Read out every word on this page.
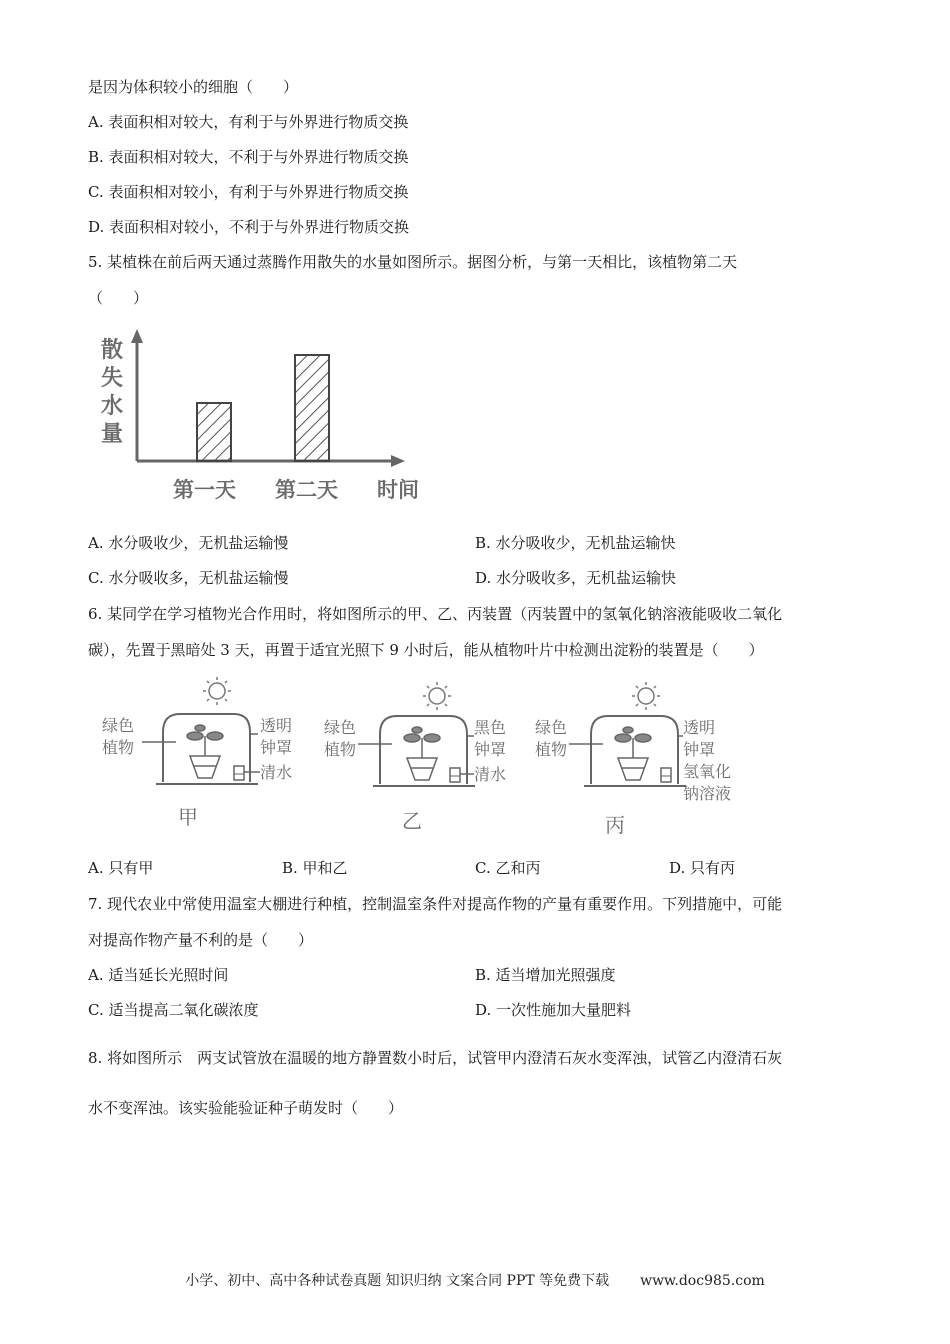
是因为体积较小的细胞（　　）
A. 表面积相对较大，有利于与外界进行物质交换
B. 表面积相对较大，不利于与外界进行物质交换
C. 表面积相对较小，有利于与外界进行物质交换
D. 表面积相对较小，不利于与外界进行物质交换
5. 某植株在前后两天通过蒸腾作用散失的水量如图所示。据图分析，与第一天相比，该植物第二天
（　　）
散
失
水
量
第一天 第二天 时间
A. 水分吸收少，无机盐运输慢	B. 水分吸收少，无机盐运输快
C. 水分吸收多，无机盐运输慢	D. 水分吸收多，无机盐运输快
6. 某同学在学习植物光合作用时，将如图所示的甲、乙、丙装置（丙装置中的氢氧化钠溶液能吸收二氧化
碳），先置于黑暗处 3 天，再置于适宜光照下 9 小时后，能从植物叶片中检测出淀粉的装置是（　　）
绿色
植物
透明
钟罩
清水
甲
绿色
植物
黑色
钟罩
清水
乙
绿色
植物
透明
钟罩
氢氧化
钠溶液
丙
A. 只有甲	B. 甲和乙	C. 乙和丙	D. 只有丙
7. 现代农业中常使用温室大棚进行种植，控制温室条件对提高作物的产量有重要作用。下列措施中，可能
对提高作物产量不利的是（　　）
A. 适当延长光照时间	B. 适当增加光照强度
C. 适当提高二氧化碳浓度	D. 一次性施加大量肥料
8. 将如图所示　两支试管放在温暖的地方静置数小时后，试管甲内澄清石灰水变浑浊，试管乙内澄清石灰
水不变浑浊。该实验能验证种子萌发时（　　）
小学、初中、高中各种试卷真题 知识归纳 文案合同 PPT 等免费下载 www.doc985.com
